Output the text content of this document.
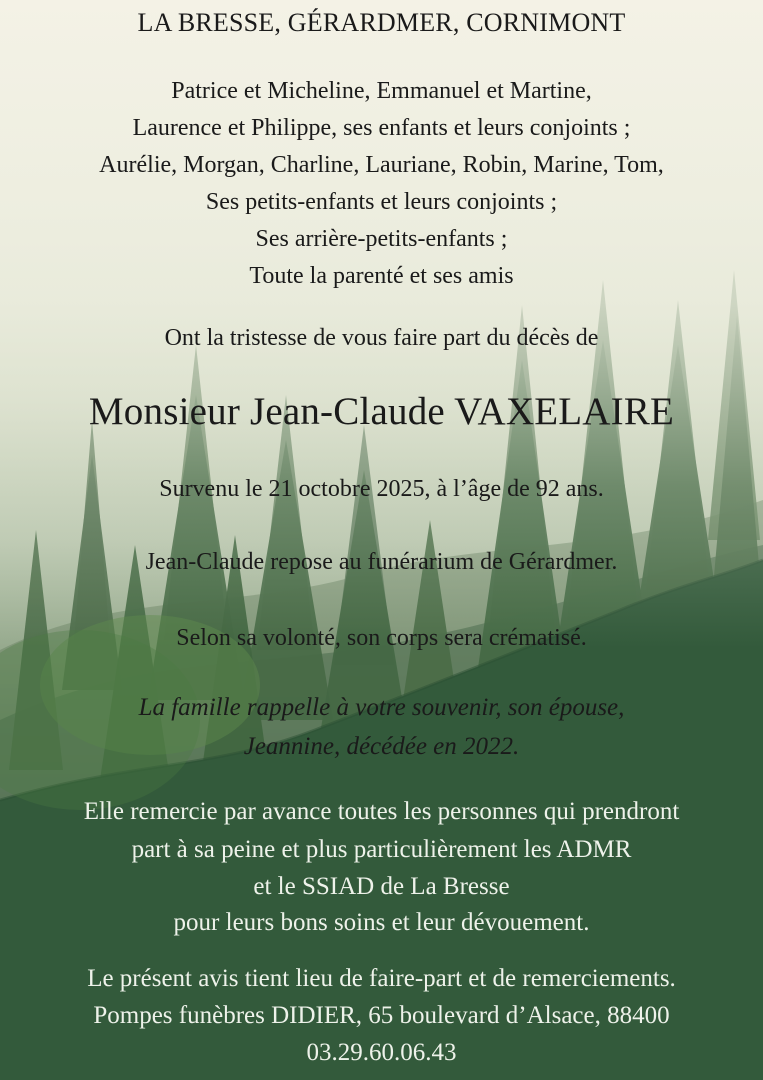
LA BRESSE, GÉRARDMER, CORNIMONT
Patrice et Micheline, Emmanuel et Martine,
Laurence et Philippe, ses enfants et leurs conjoints ;
Aurélie, Morgan, Charline, Lauriane, Robin, Marine, Tom,
Ses petits-enfants et leurs conjoints ;
Ses arrière-petits-enfants ;
Toute la parenté et ses amis
Ont la tristesse de vous faire part du décès de
Monsieur Jean-Claude VAXELAIRE
Survenu le 21 octobre 2025, à l’âge de 92 ans.
Jean-Claude repose au funérarium de Gérardmer.
Selon sa volonté, son corps sera crématisé.
La famille rappelle à votre souvenir, son épouse,
Jeannine, décédée en 2022.
Elle remercie par avance toutes les personnes qui prendront
part à sa peine et plus particulièrement les ADMR
et le SSIAD de La Bresse
pour leurs bons soins et leur dévouement.
Le présent avis tient lieu de faire-part et de remerciements.
Pompes funèbres DIDIER, 65 boulevard d’Alsace, 88400
03.29.60.06.43
